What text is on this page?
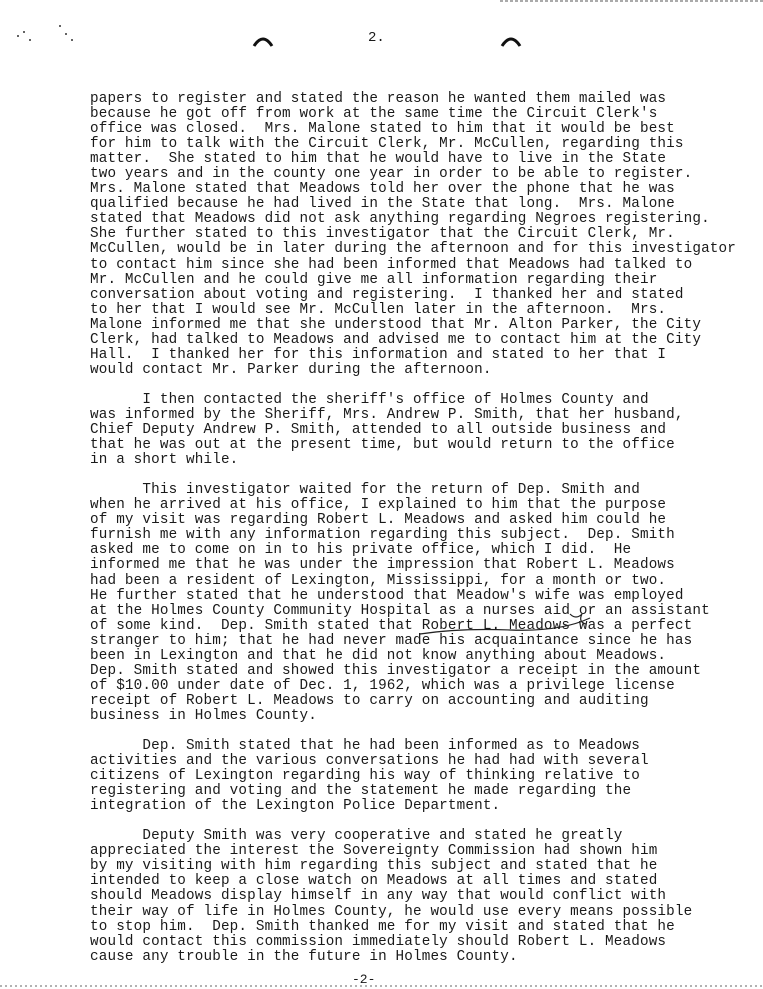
2.
papers to register and stated the reason he wanted them mailed was
because he got off from work at the same time the Circuit Clerk's
office was closed.  Mrs. Malone stated to him that it would be best
for him to talk with the Circuit Clerk, Mr. McCullen, regarding this
matter.  She stated to him that he would have to live in the State
two years and in the county one year in order to be able to register.
Mrs. Malone stated that Meadows told her over the phone that he was
qualified because he had lived in the State that long.  Mrs. Malone
stated that Meadows did not ask anything regarding Negroes registering.
She further stated to this investigator that the Circuit Clerk, Mr.
McCullen, would be in later during the afternoon and for this investigator
to contact him since she had been informed that Meadows had talked to
Mr. McCullen and he could give me all information regarding their
conversation about voting and registering.  I thanked her and stated
to her that I would see Mr. McCullen later in the afternoon.  Mrs.
Malone informed me that she understood that Mr. Alton Parker, the City
Clerk, had talked to Meadows and advised me to contact him at the City
Hall.  I thanked her for this information and stated to her that I
would contact Mr. Parker during the afternoon.
I then contacted the sheriff's office of Holmes County and
was informed by the Sheriff, Mrs. Andrew P. Smith, that her husband,
Chief Deputy Andrew P. Smith, attended to all outside business and
that he was out at the present time, but would return to the office
in a short while.
This investigator waited for the return of Dep. Smith and
when he arrived at his office, I explained to him that the purpose
of my visit was regarding Robert L. Meadows and asked him could he
furnish me with any information regarding this subject.  Dep. Smith
asked me to come on in to his private office, which I did.  He
informed me that he was under the impression that Robert L. Meadows
had been a resident of Lexington, Mississippi, for a month or two.
He further stated that he understood that Meadow's wife was employed
at the Holmes County Community Hospital as a nurses aid or an assistant
of some kind.  Dep. Smith stated that Robert L. Meadows was a perfect
stranger to him; that he had never made his acquaintance since he has
been in Lexington and that he did not know anything about Meadows.
Dep. Smith stated and showed this investigator a receipt in the amount
of $10.00 under date of Dec. 1, 1962, which was a privilege license
receipt of Robert L. Meadows to carry on accounting and auditing
business in Holmes County.
Dep. Smith stated that he had been informed as to Meadows
activities and the various conversations he had had with several
citizens of Lexington regarding his way of thinking relative to
registering and voting and the statement he made regarding the
integration of the Lexington Police Department.
Deputy Smith was very cooperative and stated he greatly
appreciated the interest the Sovereignty Commission had shown him
by my visiting with him regarding this subject and stated that he
intended to keep a close watch on Meadows at all times and stated
should Meadows display himself in any way that would conflict with
their way of life in Holmes County, he would use every means possible
to stop him.  Dep. Smith thanked me for my visit and stated that he
would contact this commission immediately should Robert L. Meadows
cause any trouble in the future in Holmes County.
-2-
